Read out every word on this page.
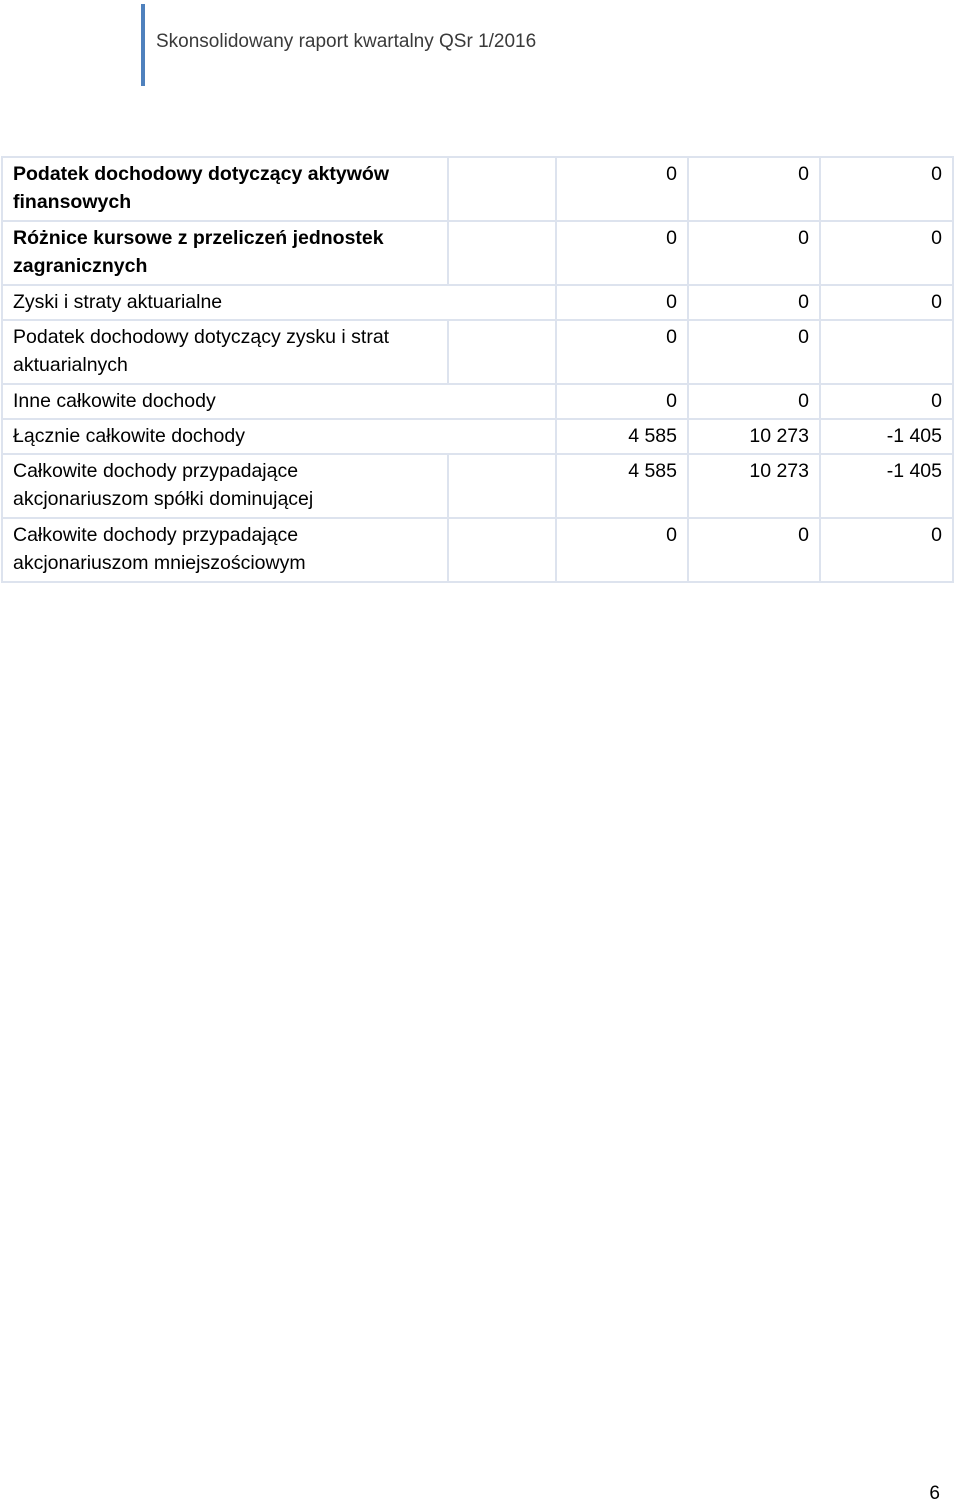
Skonsolidowany raport kwartalny QSr 1/2016
Podatek dochodowy dotyczący aktywów finansowych		0	0	0
Różnice kursowe z przeliczeń jednostek zagranicznych		0	0	0
Zyski i straty aktuarialne		0	0	0
Podatek dochodowy dotyczący zysku i strat aktuarialnych		0	0	
Inne całkowite dochody		0	0	0
Łącznie całkowite dochody		4 585	10 273	-1 405
Całkowite dochody przypadające akcjonariuszom spółki dominującej		4 585	10 273	-1 405
Całkowite dochody przypadające akcjonariuszom mniejszościowym		0	0	0
6
